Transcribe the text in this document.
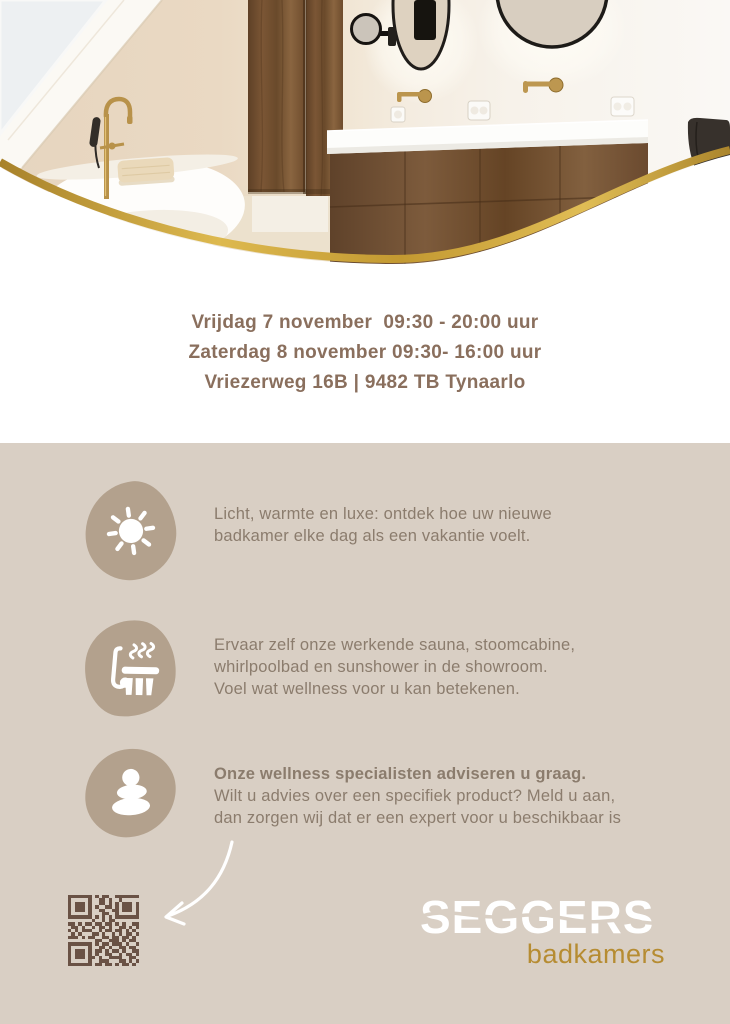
Vrijdag 7 november  09:30 - 20:00 uur
Zaterdag 8 november 09:30- 16:00 uur
Vriezerweg 16B | 9482 TB Tynaarlo
Licht, warmte en luxe: ontdek hoe uw nieuwe
badkamer elke dag als een vakantie voelt.
Ervaar zelf onze werkende sauna, stoomcabine,
whirlpoolbad en sunshower in de showroom.
Voel wat wellness voor u kan betekenen.
Onze wellness specialisten adviseren u graag.
Wilt u advies over een specifiek product? Meld u aan,
dan zorgen wij dat er een expert voor u beschikbaar is
SEGGERS
badkamers
